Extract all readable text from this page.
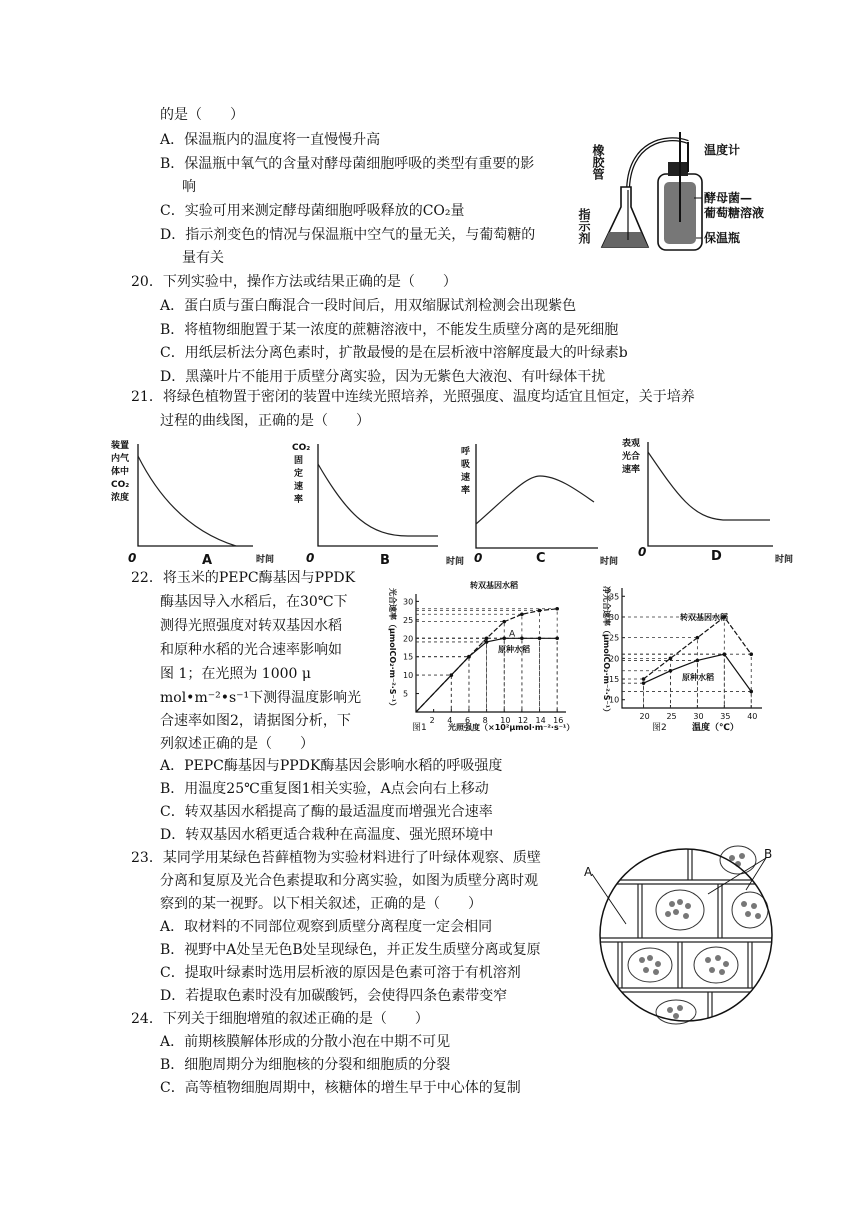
的是（　　）
A．保温瓶内的温度将一直慢慢升高
B．保温瓶中氧气的含量对酵母菌细胞呼吸的类型有重要的影
响
C．实验可用来测定酵母菌细胞呼吸释放的CO₂量
D．指示剂变色的情况与保温瓶中空气的量无关，与葡萄糖的
量有关
橡胶管	温度计
酵母菌—
葡萄糖溶液
指示剂	保温瓶
20．下列实验中，操作方法或结果正确的是（　　）
A．蛋白质与蛋白酶混合一段时间后，用双缩脲试剂检测会出现紫色
B．将植物细胞置于某一浓度的蔗糖溶液中，不能发生质壁分离的是死细胞
C．用纸层析法分离色素时，扩散最慢的是在层析液中溶解度最大的叶绿素b
D．黑藻叶片不能用于质壁分离实验，因为无紫色大液泡、有叶绿体干扰
21．将绿色植物置于密闭的装置中连续光照培养，光照强度、温度均适宜且恒定，关于培养
过程的曲线图，正确的是（　　）
装置
内气
体中
CO₂
浓度
0	A	时间
CO₂
固
定
速
率
0	B	时间
呼
吸
速
率
0	C	时间
表观
光合
速率
0	D	时间
22．将玉米的PEPC酶基因与PPDK
酶基因导入水稻后，在30℃下
测得光照强度对转双基因水稻
和原种水稻的光合速率影响如
图 1；在光照为 1000 μ
mol•m⁻²•s⁻¹下测得温度影响光
合速率如图2，请据图分析，下
列叙述正确的是（　　）
A．PEPC酶基因与PPDK酶基因会影响水稻的呼吸强度
B．用温度25℃重复图1相关实验，A点会向右上移动
C．转双基因水稻提高了酶的最适温度而增强光合速率
D．转双基因水稻更适合栽种在高温度、强光照环境中
光合速率（μmolCO₂·m⁻²·S⁻¹）
2 4 6 8 10 12 14 16
5
10
15
20
25
30
转双基因水稻
原种水稻
A
图1	光照强度（×10²μmol·m⁻²·s⁻¹）
净光合速率（μmolCO₂·m⁻²·S⁻¹）
20 25 30 35 40
10
15
20
25
30
35
转双基因水稻
原种水稻
图2	温度（℃）
23．某同学用某绿色苔藓植物为实验材料进行了叶绿体观察、质壁
分离和复原及光合色素提取和分离实验，如图为质壁分离时观
察到的某一视野。以下相关叙述，正确的是（　　）
A．取材料的不同部位观察到质壁分离程度一定会相同
B．视野中A处呈无色B处呈现绿色，并正发生质壁分离或复原
C．提取叶绿素时选用层析液的原因是色素可溶于有机溶剂
D．若提取色素时没有加碳酸钙，会使得四条色素带变窄
A
B
24．下列关于细胞增殖的叙述正确的是（　　）
A．前期核膜解体形成的分散小泡在中期不可见
B．细胞周期分为细胞核的分裂和细胞质的分裂
C．高等植物细胞周期中，核糖体的增生早于中心体的复制
